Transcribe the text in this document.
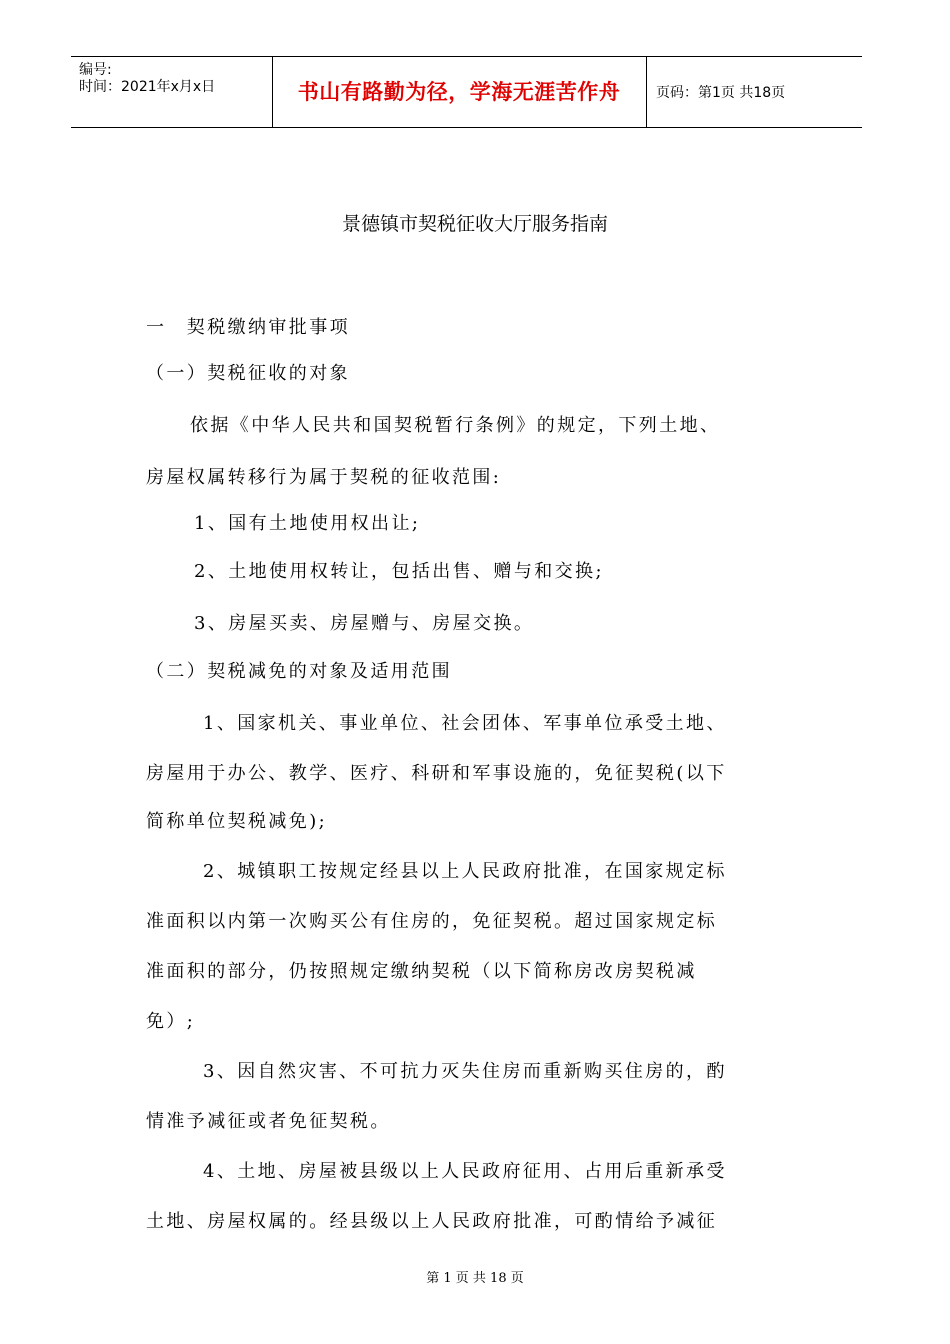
编号:
时间：2021年x月x日	书山有路勤为径，学海无涯苦作舟	页码：第1页 共18页
景德镇市契税征收大厅服务指南
一　契税缴纳审批事项
（一）契税征收的对象
依据《中华人民共和国契税暂行条例》的规定，下列土地、
房屋权属转移行为属于契税的征收范围:
1、国有土地使用权出让;
2、土地使用权转让，包括出售、赠与和交换;
3、房屋买卖、房屋赠与、房屋交换。
（二）契税减免的对象及适用范围
1、国家机关、事业单位、社会团体、军事单位承受土地、
房屋用于办公、教学、医疗、科研和军事设施的，免征契税(以下
简称单位契税减免);
2、城镇职工按规定经县以上人民政府批准，在国家规定标
准面积以内第一次购买公有住房的，免征契税。超过国家规定标
准面积的部分，仍按照规定缴纳契税（以下简称房改房契税减
免）;
3、因自然灾害、不可抗力灭失住房而重新购买住房的，酌
情准予减征或者免征契税。
4、土地、房屋被县级以上人民政府征用、占用后重新承受
土地、房屋权属的。经县级以上人民政府批准，可酌情给予减征
第 1 页 共 18 页
